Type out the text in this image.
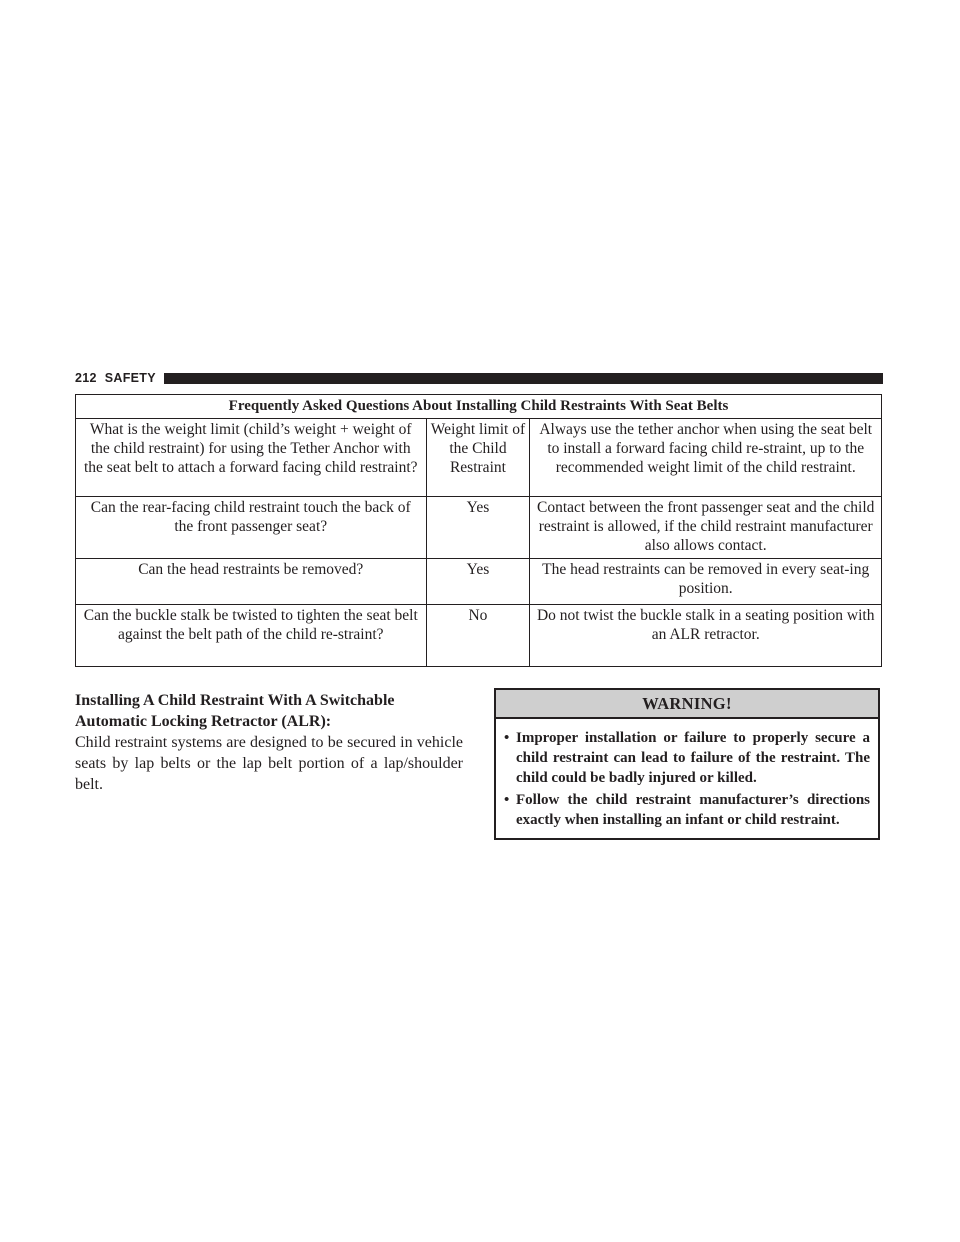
212 SAFETY
Frequently Asked Questions About Installing Child Restraints With Seat Belts		
What is the weight limit (child’s weight + weight of the child restraint) for using the Tether Anchor with the seat belt to attach a forward facing child restraint?	Weight limit of the Child Restraint	Always use the tether anchor when using the seat belt to install a forward facing child re-straint, up to the recommended weight limit of the child restraint.
Can the rear-facing child restraint touch the back of the front passenger seat?	Yes	Contact between the front passenger seat and the child restraint is allowed, if the child restraint manufacturer also allows contact.
Can the head restraints be removed?	Yes	The head restraints can be removed in every seat-ing position.
Can the buckle stalk be twisted to tighten the seat belt against the belt path of the child re-straint?	No	Do not twist the buckle stalk in a seating position with an ALR retractor.
Installing A Child Restraint With A Switchable Automatic Locking Retractor (ALR):

Child restraint systems are designed to be secured in vehicle seats by lap belts or the lap belt portion of a lap/shoulder belt.

WARNING!
• Improper installation or failure to properly secure a child restraint can lead to failure of the restraint. The child could be badly injured or killed.
• Follow the child restraint manufacturer’s directions exactly when installing an infant or child restraint.
